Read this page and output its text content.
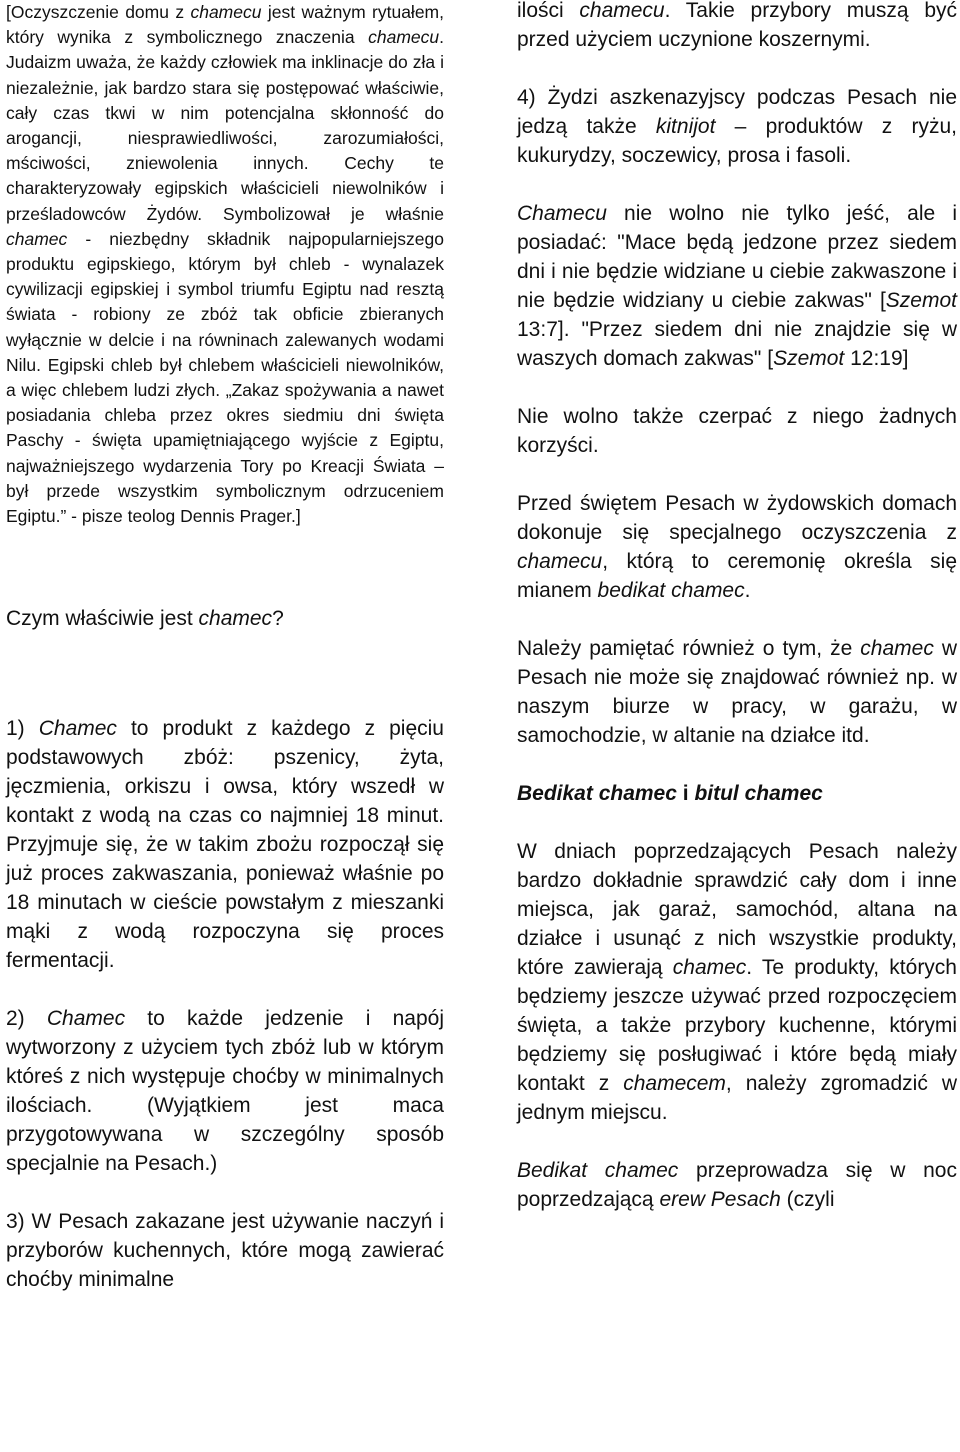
[Oczyszczenie domu z chamecu jest ważnym rytuałem, który wynika z symbolicznego znaczenia chamecu. Judaizm uważa, że każdy człowiek ma inklinacje do zła i niezależnie, jak bardzo stara się postępować właściwie, cały czas tkwi w nim potencjalna skłonność do arogancji, niesprawiedliwości, zarozumiałości, mściwości, zniewolenia innych. Cechy te charakteryzowały egipskich właścicieli niewolników i prześladowców Żydów. Symbolizował je właśnie chamec - niezbędny składnik najpopularniejszego produktu egipskiego, którym był chleb - wynalazek cywilizacji egipskiej i symbol triumfu Egiptu nad resztą świata - robiony ze zbóż tak obficie zbieranych wyłącznie w delcie i na równinach zalewanych wodami Nilu. Egipski chleb był chlebem właścicieli niewolników, a więc chlebem ludzi złych. „Zakaz spożywania a nawet posiadania chleba przez okres siedmiu dni święta Paschy - święta upamiętniającego wyjście z Egiptu, najważniejszego wydarzenia Tory po Kreacji Świata – był przede wszystkim symbolicznym odrzuceniem Egiptu.” - pisze teolog Dennis Prager.]

Czym właściwie jest chamec?

1) Chamec to produkt z każdego z pięciu podstawowych zbóż: pszenicy, żyta, jęczmienia, orkiszu i owsa, który wszedł w kontakt z wodą na czas co najmniej 18 minut. Przyjmuje się, że w takim zbożu rozpoczął się już proces zakwaszania, ponieważ właśnie po 18 minutach w cieście powstałym z mieszanki mąki z wodą rozpoczyna się proces fermentacji.

2) Chamec to każde jedzenie i napój wytworzony z użyciem tych zbóż lub w którym któreś z nich występuje choćby w minimalnych ilościach. (Wyjątkiem jest maca przygotowywana w szczególny sposób specjalnie na Pesach.)

3) W Pesach zakazane jest używanie naczyń i przyborów kuchennych, które mogą zawierać choćby minimalne

ilości chamecu. Takie przybory muszą być przed użyciem uczynione koszernymi.

4) Żydzi aszkenazyjscy podczas Pesach nie jedzą także kitnijot – produktów z ryżu, kukurydzy, soczewicy, prosa i fasoli.

Chamecu nie wolno nie tylko jeść, ale i posiadać: "Mace będą jedzone przez siedem dni i nie będzie widziane u ciebie zakwaszone i nie będzie widziany u ciebie zakwas" [Szemot 13:7]. "Przez siedem dni nie znajdzie się w waszych domach zakwas" [Szemot 12:19]

Nie wolno także czerpać z niego żadnych korzyści.

Przed świętem Pesach w żydowskich domach dokonuje się specjalnego oczyszczenia z chamecu, którą to ceremonię określa się mianem bedikat chamec.

Należy pamiętać również o tym, że chamec w Pesach nie może się znajdować również np. w naszym biurze w pracy, w garażu, w samochodzie, w altanie na działce itd.

Bedikat chamec i bitul chamec

W dniach poprzedzających Pesach należy bardzo dokładnie sprawdzić cały dom i inne miejsca, jak garaż, samochód, altana na działce i usunąć z nich wszystkie produkty, które zawierają chamec. Te produkty, których będziemy jeszcze używać przed rozpoczęciem święta, a także przybory kuchenne, którymi będziemy się posługiwać i które będą miały kontakt z chamecem, należy zgromadzić w jednym miejscu.

Bedikat chamec przeprowadza się w noc poprzedzającą erew Pesach (czyli
